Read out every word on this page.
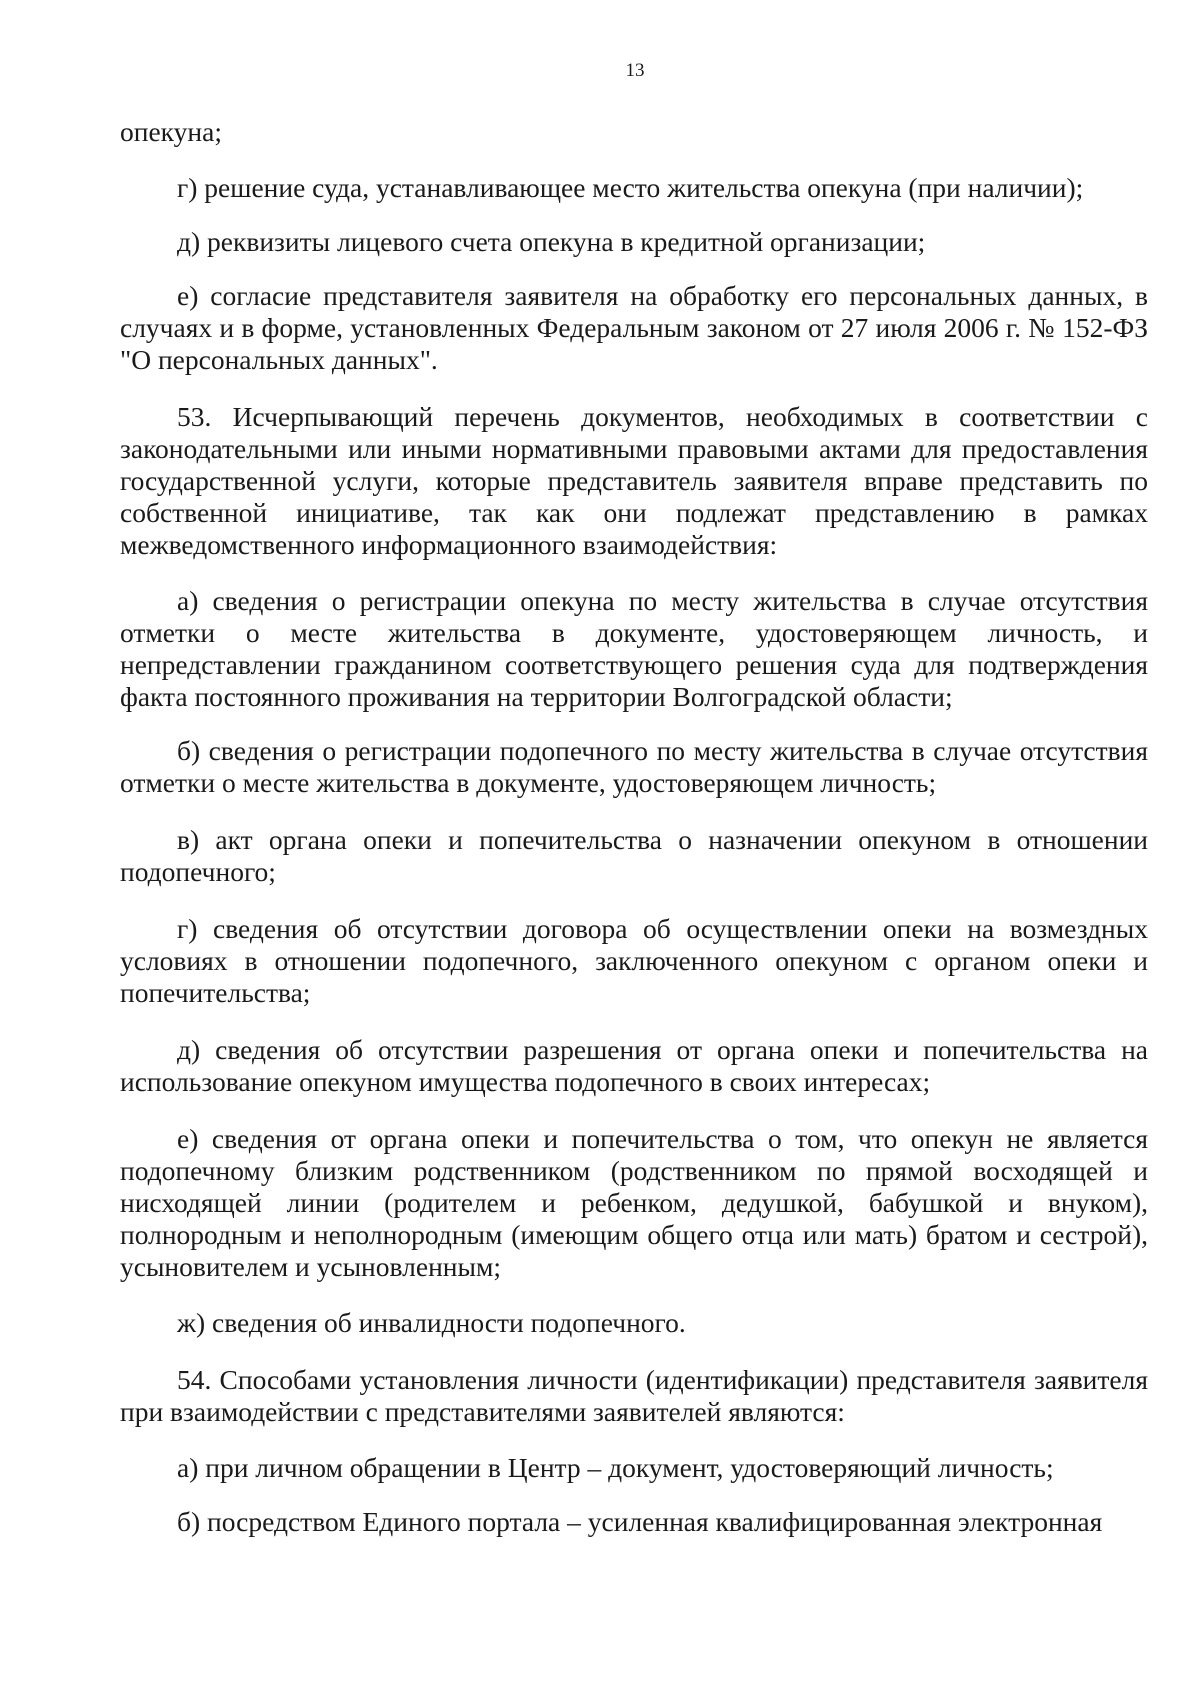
13

опекуна;

г) решение суда, устанавливающее место жительства опекуна (при наличии);

д) реквизиты лицевого счета опекуна в кредитной организации;

е) согласие представителя заявителя на обработку его персональных данных, в случаях и в форме, установленных Федеральным законом от 27 июля 2006 г. № 152-ФЗ "О персональных данных".

53. Исчерпывающий перечень документов, необходимых в соответствии с законодательными или иными нормативными правовыми актами для предоставления государственной услуги, которые представитель заявителя вправе представить по собственной инициативе, так как они подлежат представлению в рамках межведомственного информационного взаимодействия:

а) сведения о регистрации опекуна по месту жительства в случае отсутствия отметки о месте жительства в документе, удостоверяющем личность, и непредставлении гражданином соответствующего решения суда для подтверждения факта постоянного проживания на территории Волгоградской области;

б) сведения о регистрации подопечного по месту жительства в случае отсутствия отметки о месте жительства в документе, удостоверяющем личность;

в) акт органа опеки и попечительства о назначении опекуном в отношении подопечного;

г) сведения об отсутствии договора об осуществлении опеки на возмездных условиях в отношении подопечного, заключенного опекуном с органом опеки и попечительства;

д) сведения об отсутствии разрешения от органа опеки и попечительства на использование опекуном имущества подопечного в своих интересах;

е) сведения от органа опеки и попечительства о том, что опекун не является подопечному близким родственником (родственником по прямой восходящей и нисходящей линии (родителем и ребенком, дедушкой, бабушкой и внуком), полнородным и неполнородным (имеющим общего отца или мать) братом и сестрой), усыновителем и усыновленным;

ж) сведения об инвалидности подопечного.

54. Способами установления личности (идентификации) представителя заявителя при взаимодействии с представителями заявителей являются:

а) при личном обращении в Центр – документ, удостоверяющий личность;

б) посредством Единого портала – усиленная квалифицированная электронная
